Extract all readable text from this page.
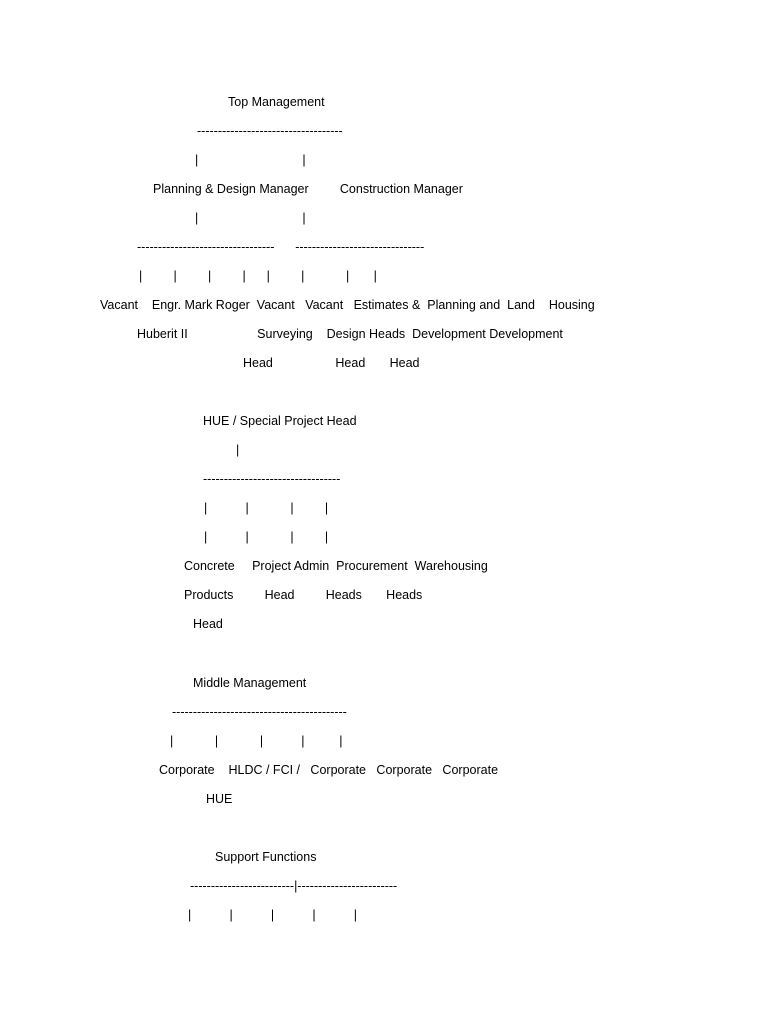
Top Management
-----------------------------------
|                              |
Planning & Design Manager         Construction Manager
|                              |
---------------------------------      -------------------------------
|         |         |         |      |         |            |       |
Vacant    Engr. Mark Roger  Vacant   Vacant   Estimates &  Planning and  Land    Housing
Huberit II                    Surveying    Design Heads  Development Development
Head                  Head       Head
HUE / Special Project Head
|
---------------------------------
|           |            |         |
|           |            |         |
Concrete     Project Admin  Procurement  Warehousing
Products         Head         Heads       Heads
Head
Middle Management
------------------------------------------
|            |            |           |          |
Corporate    HLDC / FCI /   Corporate   Corporate   Corporate
HUE
Support Functions
-------------------------|------------------------
|           |           |           |           |
